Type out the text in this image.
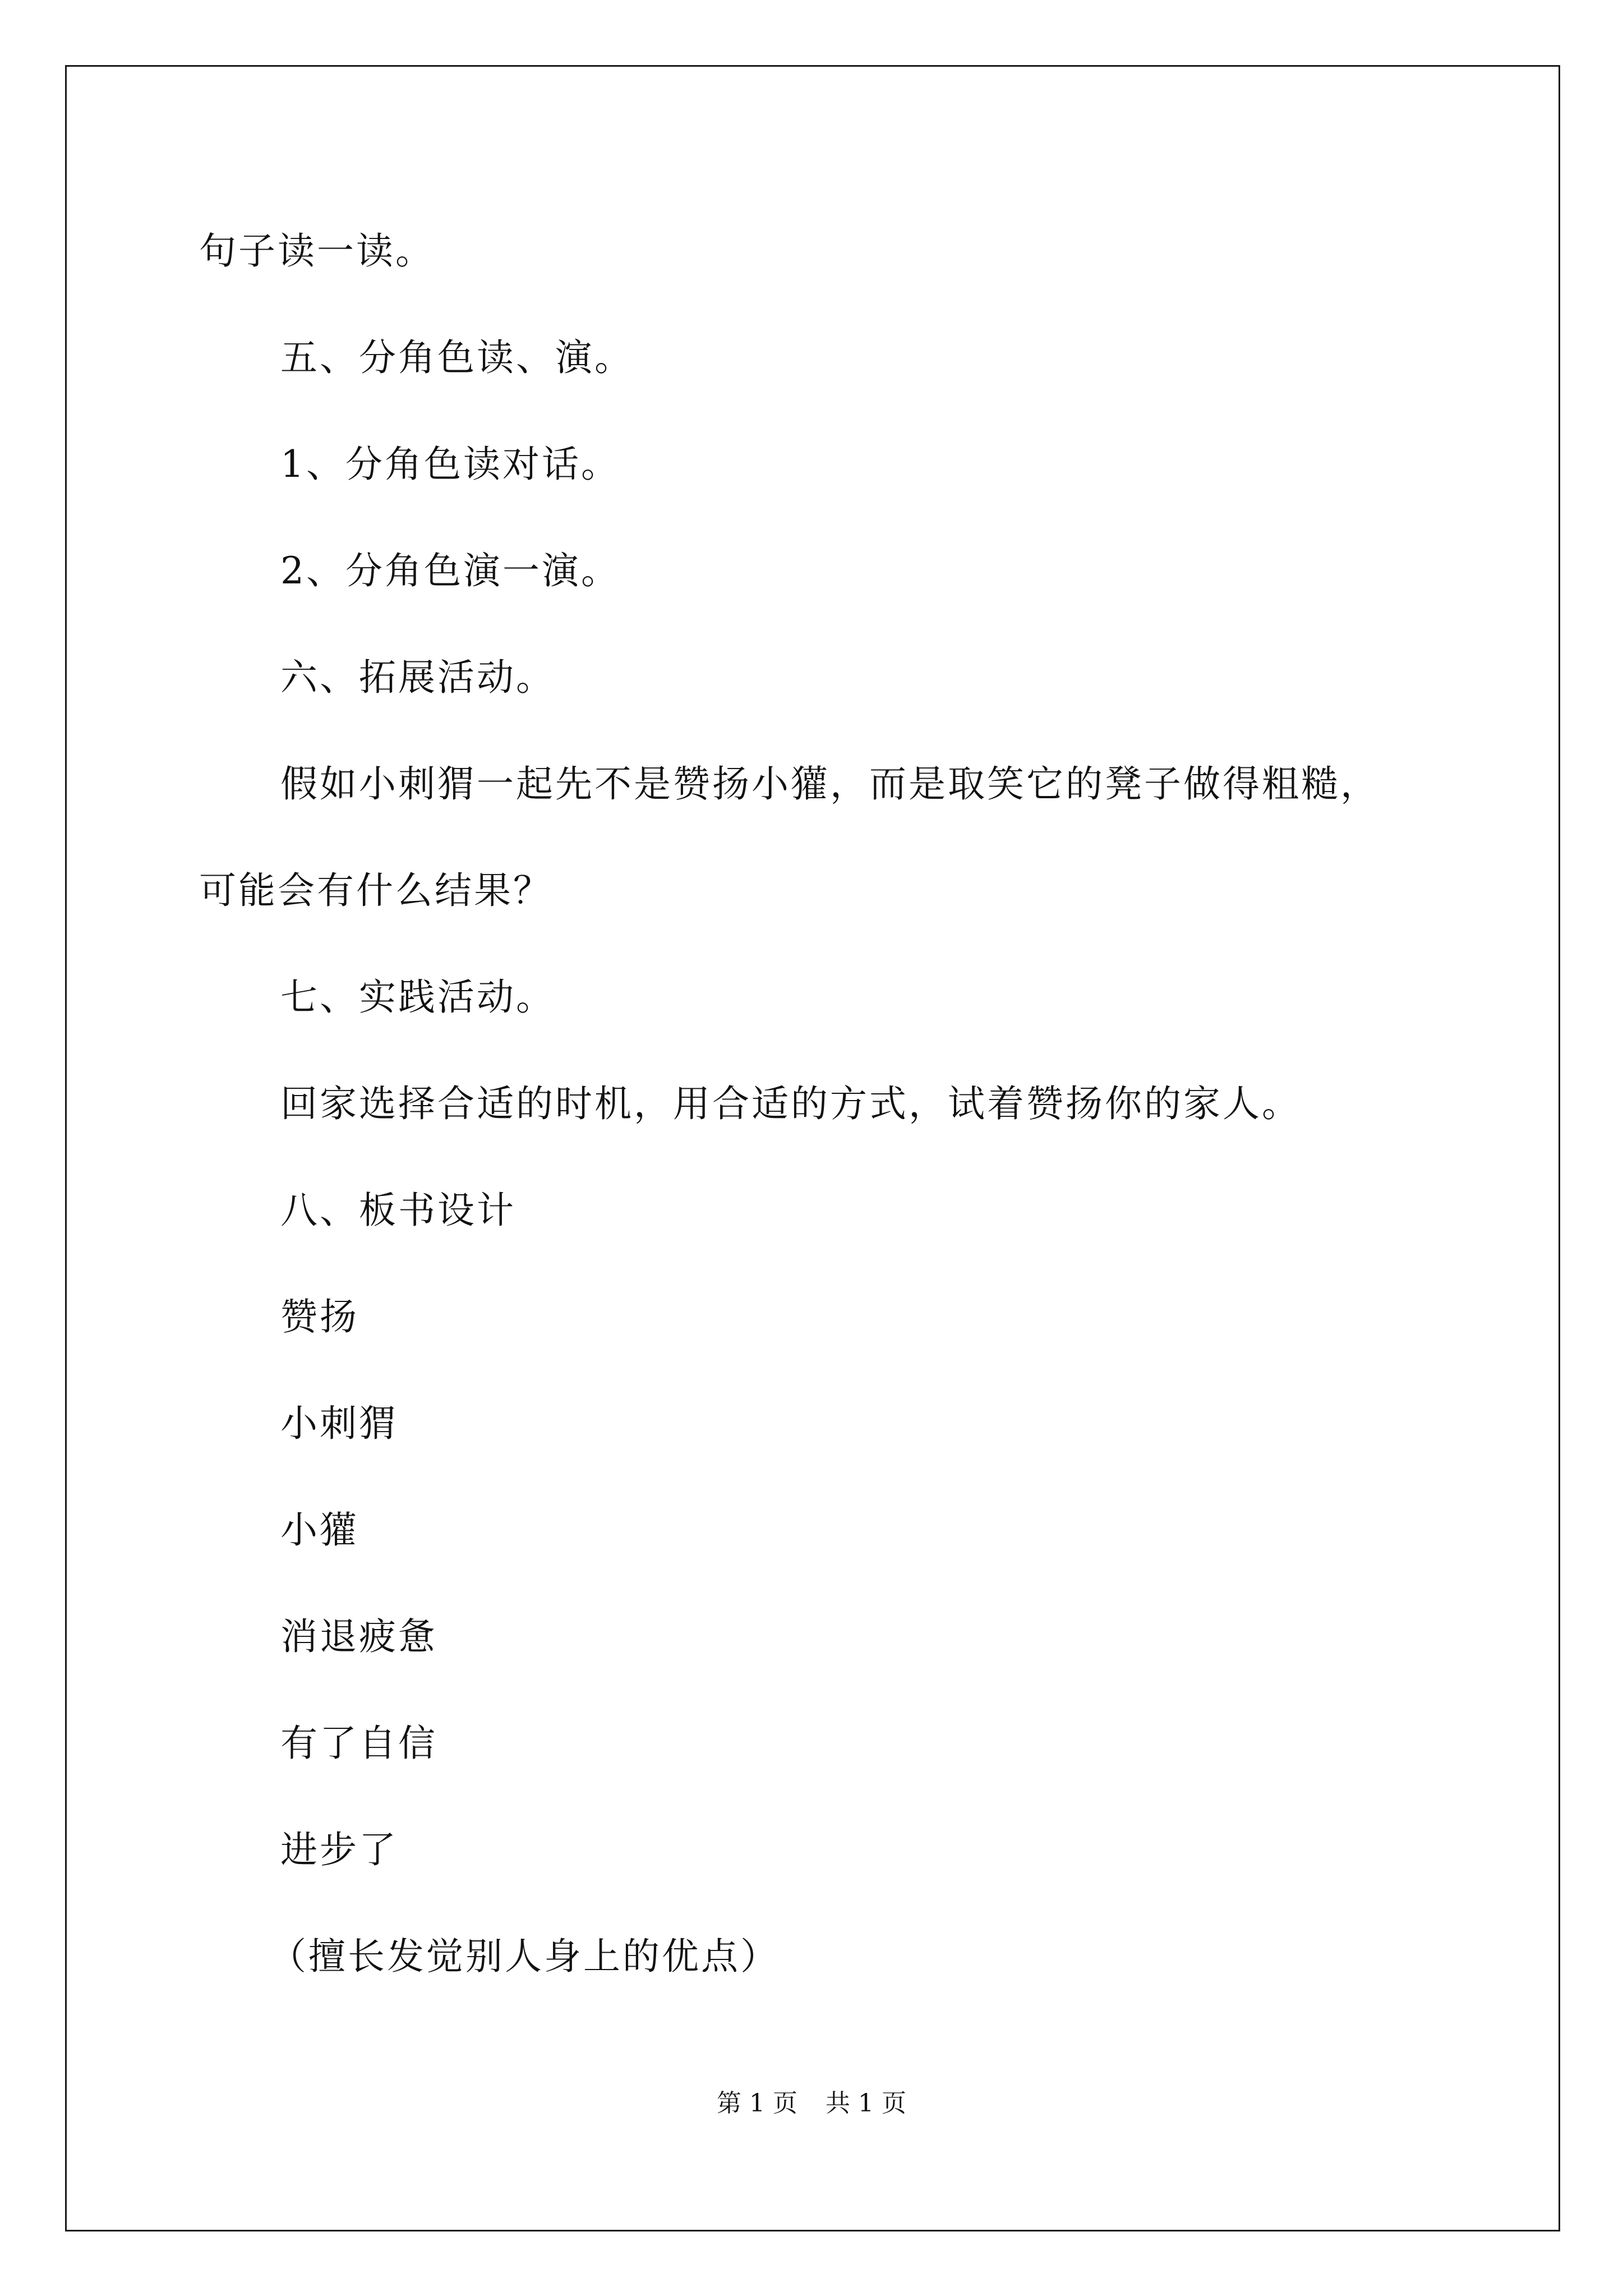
句子读一读。
五、分角色读、演。
1、分角色读对话。
2、分角色演一演。
六、拓展活动。
假如小刺猬一起先不是赞扬小獾，而是取笑它的凳子做得粗糙，
可能会有什么结果？
七、实践活动。
回家选择合适的时机，用合适的方式，试着赞扬你的家人。
八、板书设计
赞扬
小刺猬
小獾
消退疲惫
有了自信
进步了
（擅长发觉别人身上的优点）
第 1 页 共 1 页
